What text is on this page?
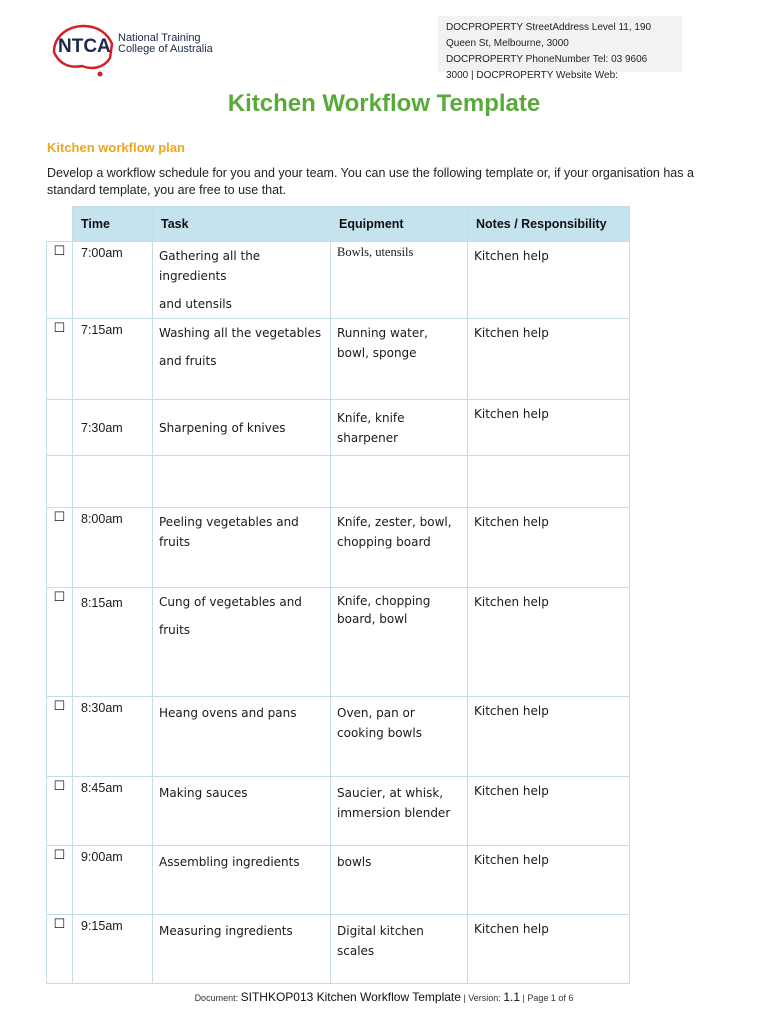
NTCA National Training
College of Australia
DOCPROPERTY StreetAddress Level 11, 190
Queen St, Melbourne, 3000
DOCPROPERTY PhoneNumber Tel: 03 9606
3000 | DOCPROPERTY Website Web:
Kitchen Workflow Template
Kitchen workflow plan
Develop a workflow schedule for you and your team. You can use the following template or, if your organisation has a standard template, you are free to use that.
	Time	Task	Equipment	Notes / Responsibility
☐	7:00am	Gathering all the ingredients
and utensils	Bowls, utensils	Kitchen help
☐	7:15am	Washing all the vegetables
and fruits	Running water, bowl, sponge	Kitchen help
	7:30am	Sharpening of knives	Knife, knife sharpener	Kitchen help

☐	8:00am	Peeling vegetables and fruits	Knife, zester, bowl, chopping board	Kitchen help
☐	8:15am	Cung of vegetables and
fruits	Knife, chopping board, bowl	Kitchen help
☐	8:30am	Heang ovens and pans	Oven, pan or cooking bowls	Kitchen help
☐	8:45am	Making sauces	Saucier, at whisk, immersion blender	Kitchen help
☐	9:00am	Assembling ingredients	bowls	Kitchen help
☐	9:15am	Measuring ingredients	Digital kitchen scales	Kitchen help
Document: SITHKOP013 Kitchen Workflow Template | Version: 1.1 | Page 1 of 6
